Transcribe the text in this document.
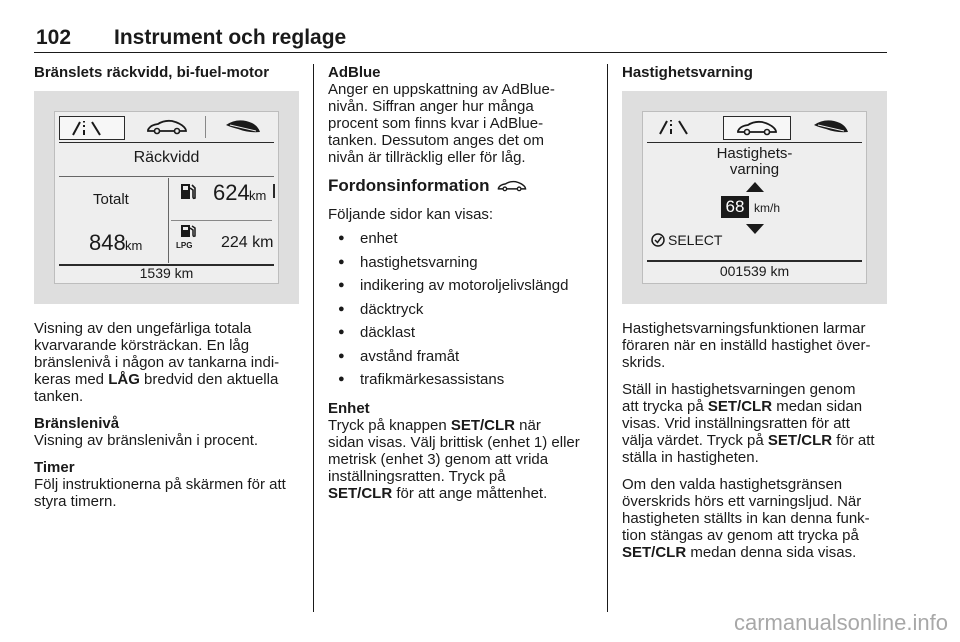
102 Instrument och reglage

Bränslets räckvidd, bi-fuel-motor

Räckvidd
Totalt	624 km
848 km	LPG 224 km
1539 km

Visning av den ungefärliga totala
kvarvarande körsträckan. En låg
bränslenivå i någon av tankarna indi-
keras med LÅG bredvid den aktuella
tanken.

Bränslenivå

Visning av bränslenivån i procent.

Timer

Följ instruktionerna på skärmen för att
styra timern.

AdBlue

Anger en uppskattning av AdBlue-
nivån. Siffran anger hur många
procent som finns kvar i AdBlue-
tanken. Dessutom anges det om
nivån är tillräcklig eller för låg.

Fordonsinformation

Följande sidor kan visas:

● enhet
● hastighetsvarning
● indikering av motoroljelivslängd
● däcktryck
● däcklast
● avstånd framåt
● trafikmärkesassistans

Enhet

Tryck på knappen SET/CLR när
sidan visas. Välj brittisk (enhet 1) eller
metrisk (enhet 3) genom att vrida
inställningsratten. Tryck på
SET/CLR för att ange måttenhet.

Hastighetsvarning

Hastighets-
varning
68 km/h
SELECT
001539 km

Hastighetsvarningsfunktionen larmar
föraren när en inställd hastighet över-
skrids.

Ställ in hastighetsvarningen genom
att trycka på SET/CLR medan sidan
visas. Vrid inställningsratten för att
välja värdet. Tryck på SET/CLR för att
ställa in hastigheten.

Om den valda hastighetsgränsen
överskrids hörs ett varningsljud. När
hastigheten ställts in kan denna funk-
tion stängas av genom att trycka på
SET/CLR medan denna sida visas.

carmanualsonline.info
